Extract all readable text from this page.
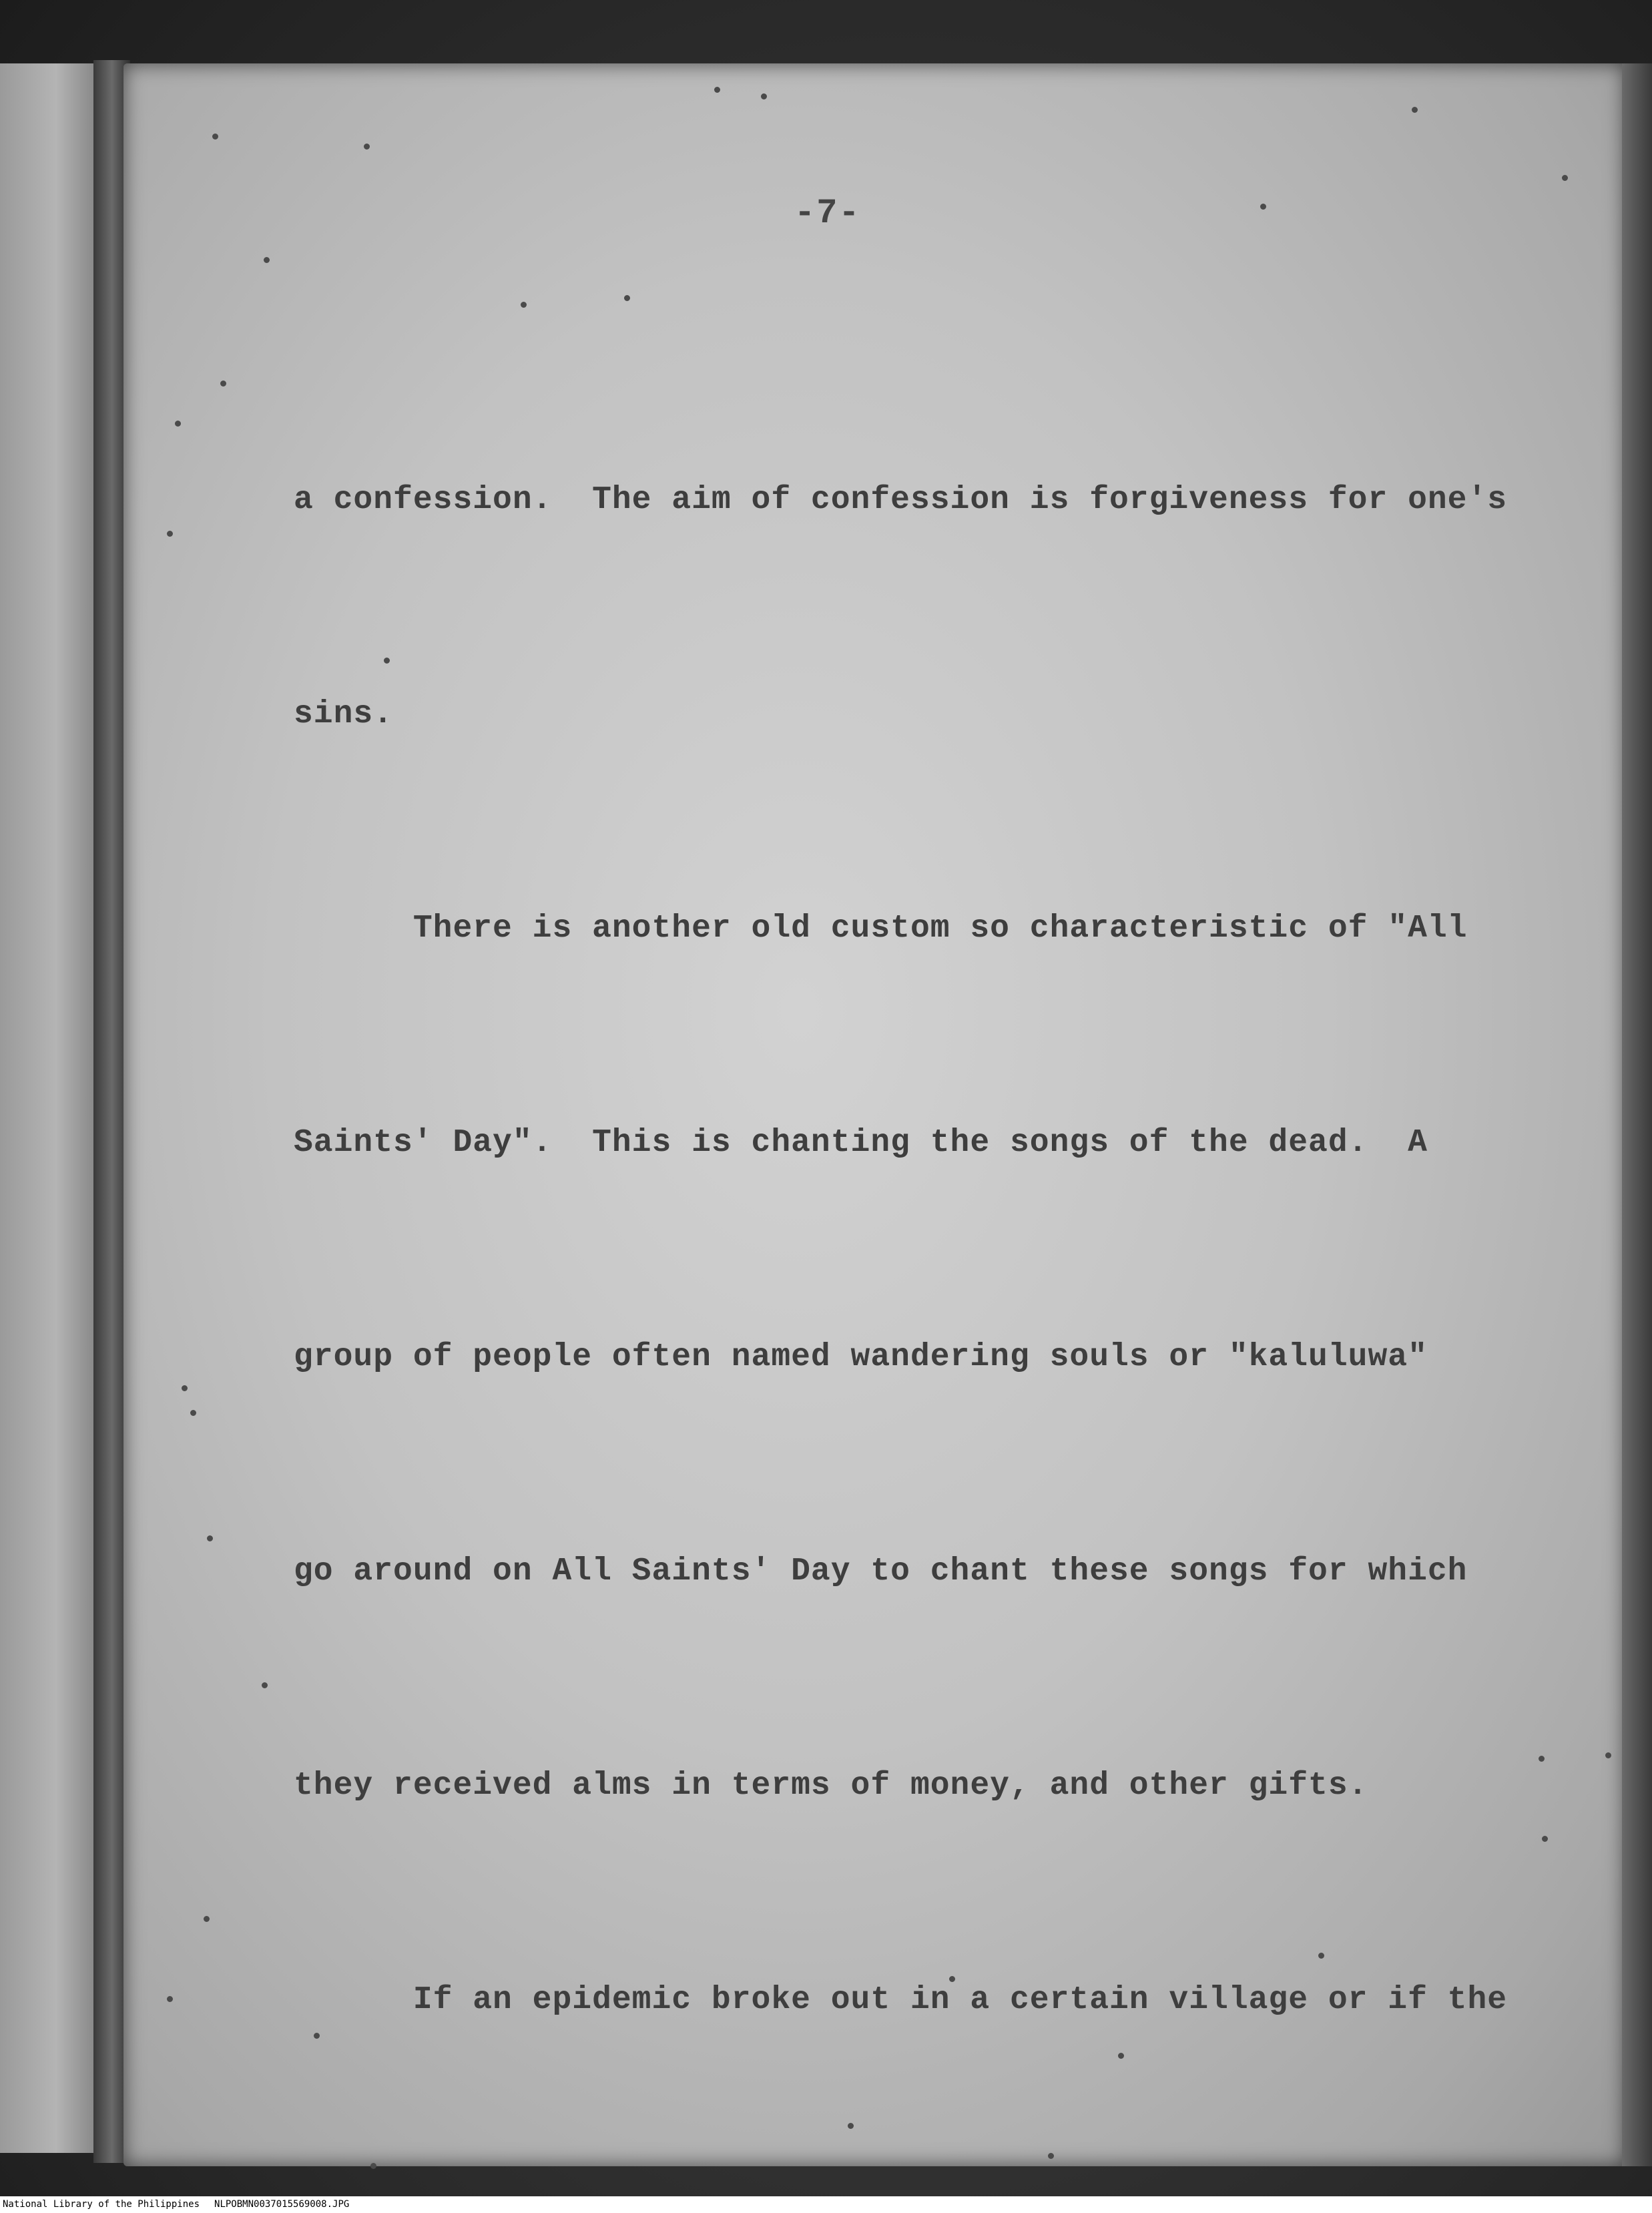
-7-

a confession.  The aim of confession is forgiveness for one's

sins.

There is another old custom so characteristic of "All

Saints' Day".  This is chanting the songs of the dead.  A

group of people often named wandering souls or "kaluluwa"

go around on All Saints' Day to chant these songs for which

they received alms in terms of money, and other gifts.

If an epidemic broke out in a certain village or if the

National Library of the Philippines NLPOBMN0037015569008.JPG
